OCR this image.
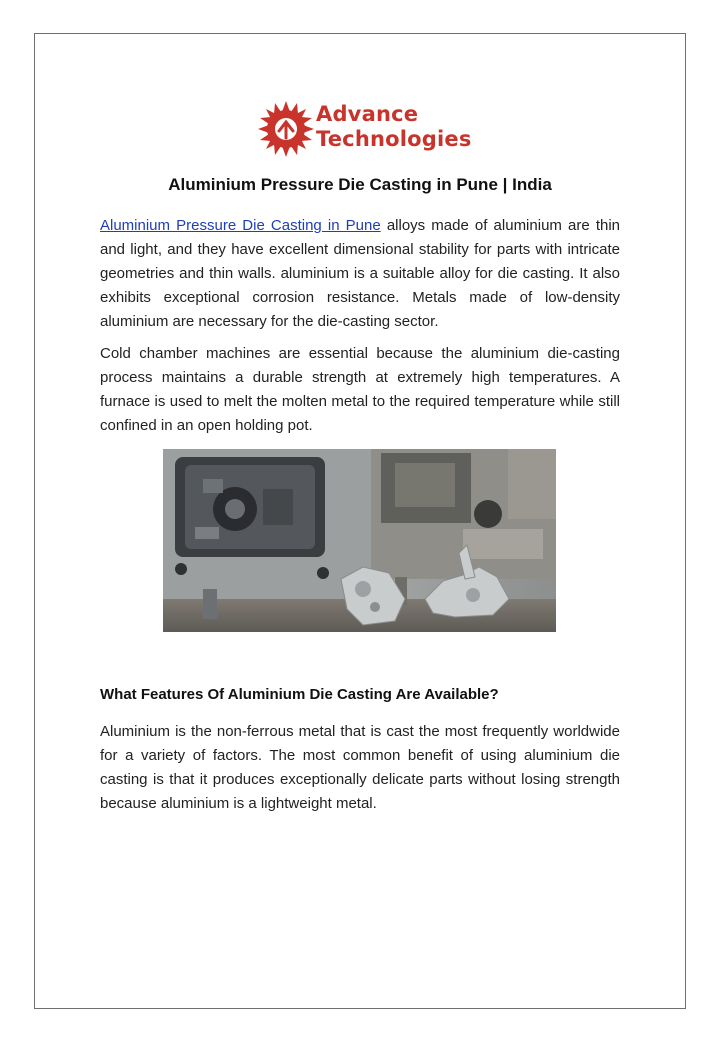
Advance
Technologies
Aluminium Pressure Die Casting in Pune | India
Aluminium Pressure Die Casting in Pune alloys made of aluminium are thin and light, and they have excellent dimensional stability for parts with intricate geometries and thin walls. aluminium is a suitable alloy for die casting. It also exhibits exceptional corrosion resistance. Metals made of low-density aluminium are necessary for the die-casting sector.
Cold chamber machines are essential because the aluminium die-casting process maintains a durable strength at extremely high temperatures. A furnace is used to melt the molten metal to the required temperature while still confined in an open holding pot.
What Features Of Aluminium Die Casting Are Available?
Aluminium is the non-ferrous metal that is cast the most frequently worldwide for a variety of factors. The most common benefit of using aluminium die casting is that it produces exceptionally delicate parts without losing strength because aluminium is a lightweight metal.
